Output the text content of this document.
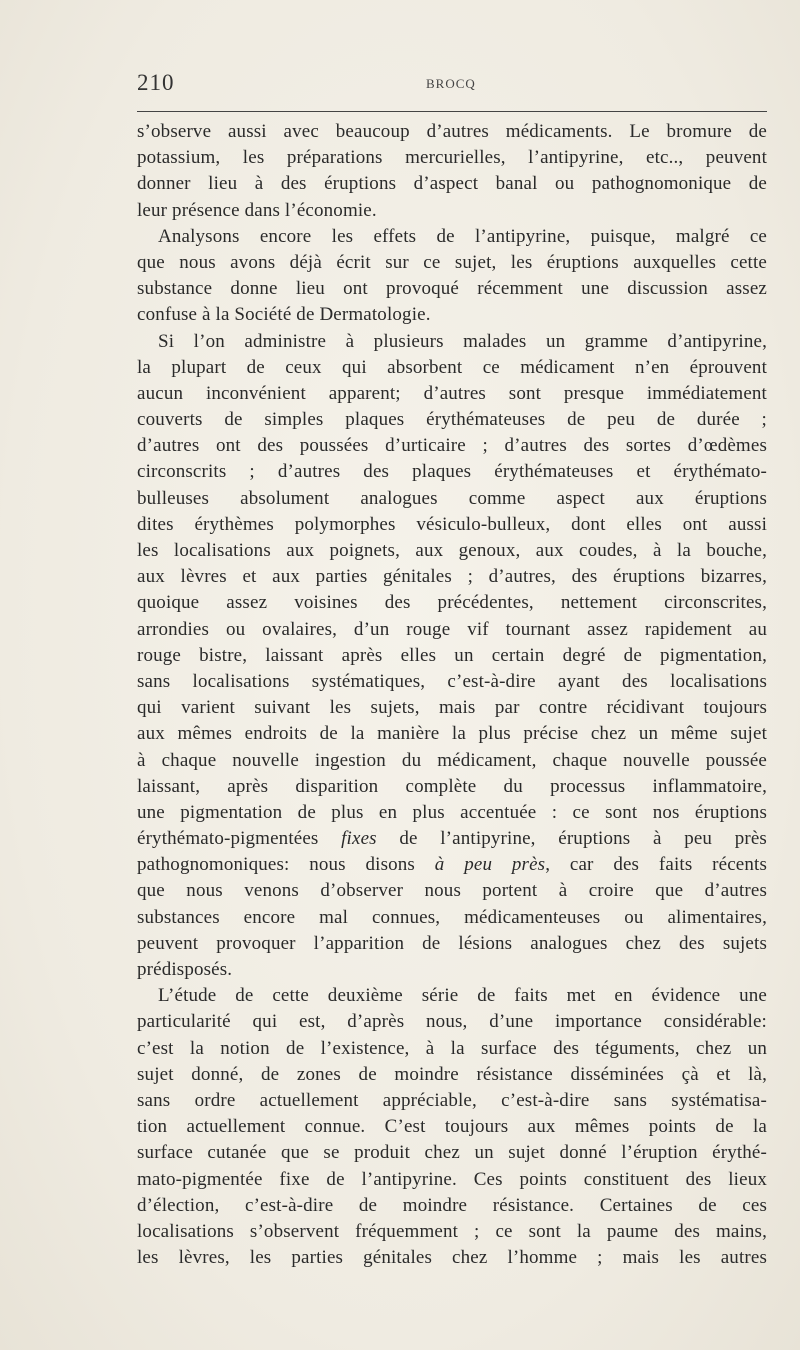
210	BROCQ
s’observe aussi avec beaucoup d’autres médicaments. Le bromure de
potassium, les préparations mercurielles, l’antipyrine, etc.., peuvent
donner lieu à des éruptions d’aspect banal ou pathognomonique de
leur présence dans l’économie.
Analysons encore les effets de l’antipyrine, puisque, malgré ce
que nous avons déjà écrit sur ce sujet, les éruptions auxquelles cette
substance donne lieu ont provoqué récemment une discussion assez
confuse à la Société de Dermatologie.
Si l’on administre à plusieurs malades un gramme d’antipyrine,
la plupart de ceux qui absorbent ce médicament n’en éprouvent
aucun inconvénient apparent; d’autres sont presque immédiatement
couverts de simples plaques érythémateuses de peu de durée ;
d’autres ont des poussées d’urticaire ; d’autres des sortes d’œdèmes
circonscrits ; d’autres des plaques érythémateuses et érythémato-
bulleuses absolument analogues comme aspect aux éruptions
dites érythèmes polymorphes vésiculo-bulleux, dont elles ont aussi
les localisations aux poignets, aux genoux, aux coudes, à la bouche,
aux lèvres et aux parties génitales ; d’autres, des éruptions bizarres,
quoique assez voisines des précédentes, nettement circonscrites,
arrondies ou ovalaires, d’un rouge vif tournant assez rapidement au
rouge bistre, laissant après elles un certain degré de pigmentation,
sans localisations systématiques, c’est-à-dire ayant des localisations
qui varient suivant les sujets, mais par contre récidivant toujours
aux mêmes endroits de la manière la plus précise chez un même sujet
à chaque nouvelle ingestion du médicament, chaque nouvelle poussée
laissant, après disparition complète du processus inflammatoire,
une pigmentation de plus en plus accentuée : ce sont nos éruptions
érythémato-pigmentées fixes de l’antipyrine, éruptions à peu près
pathognomoniques: nous disons à peu près, car des faits récents
que nous venons d’observer nous portent à croire que d’autres
substances encore mal connues, médicamenteuses ou alimentaires,
peuvent provoquer l’apparition de lésions analogues chez des sujets
prédisposés.
L’étude de cette deuxième série de faits met en évidence une
particularité qui est, d’après nous, d’une importance considérable:
c’est la notion de l’existence, à la surface des téguments, chez un
sujet donné, de zones de moindre résistance disséminées çà et là,
sans ordre actuellement appréciable, c’est-à-dire sans systématisa-
tion actuellement connue. C’est toujours aux mêmes points de la
surface cutanée que se produit chez un sujet donné l’éruption érythé-
mato-pigmentée fixe de l’antipyrine. Ces points constituent des lieux
d’élection, c’est-à-dire de moindre résistance. Certaines de ces
localisations s’observent fréquemment ; ce sont la paume des mains,
les lèvres, les parties génitales chez l’homme ; mais les autres
